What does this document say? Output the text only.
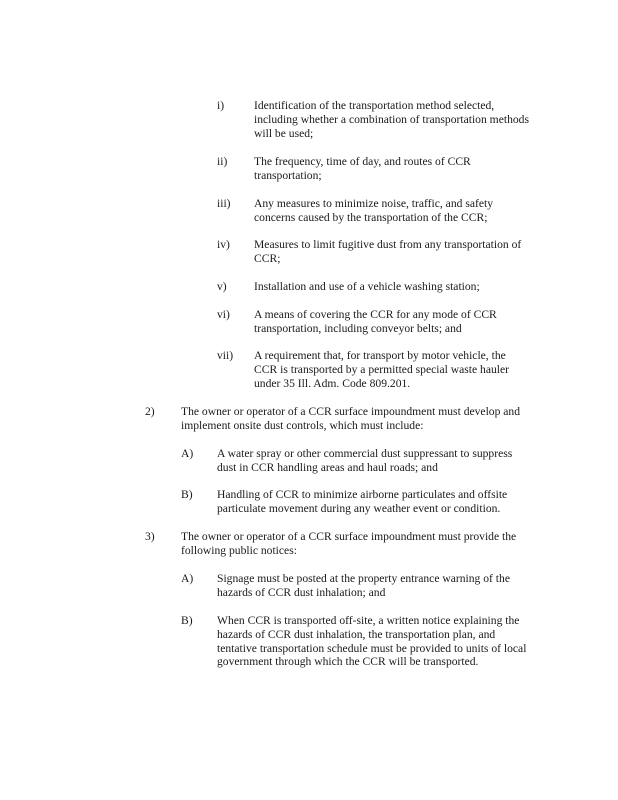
i)	Identification of the transportation method selected,
including whether a combination of transportation methods
will be used;
ii) The frequency, time of day, and routes of CCR
transportation;
iii) Any measures to minimize noise, traffic, and safety
concerns caused by the transportation of the CCR;
iv) Measures to limit fugitive dust from any transportation of
CCR;
v) Installation and use of a vehicle washing station;
vi) A means of covering the CCR for any mode of CCR
transportation, including conveyor belts; and
vii) A requirement that, for transport by motor vehicle, the
CCR is transported by a permitted special waste hauler
under 35 Ill. Adm. Code 809.201.
2) The owner or operator of a CCR surface impoundment must develop and
implement onsite dust controls, which must include:
A) A water spray or other commercial dust suppressant to suppress
dust in CCR handling areas and haul roads; and
B) Handling of CCR to minimize airborne particulates and offsite
particulate movement during any weather event or condition.
3) The owner or operator of a CCR surface impoundment must provide the
following public notices:
A) Signage must be posted at the property entrance warning of the
hazards of CCR dust inhalation; and
B) When CCR is transported off-site, a written notice explaining the
hazards of CCR dust inhalation, the transportation plan, and
tentative transportation schedule must be provided to units of local
government through which the CCR will be transported.
